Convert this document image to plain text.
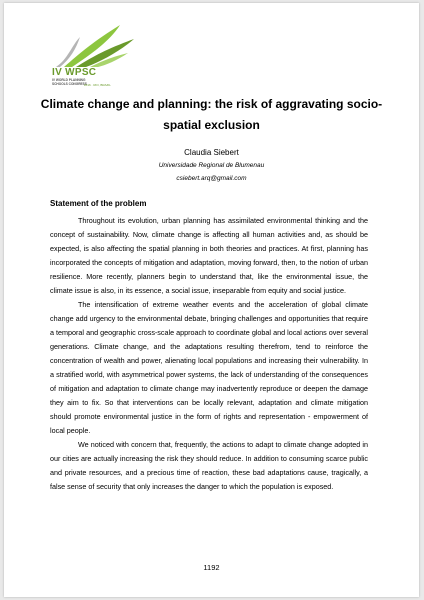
IV WPSC
IV WORLD PLANNING
SCHOOLS CONGRESS
2016 · RIO, BRAZIL
Climate change and planning: the risk of aggravating socio-spatial exclusion
Claudia Siebert
Universidade Regional de Blumenau
csiebert.arq@gmail.com
Statement of the problem

Throughout its evolution, urban planning has assimilated environmental thinking and the concept of sustainability. Now, climate change is affecting all human activities and, as should be expected, is also affecting the spatial planning in both theories and practices. At first, planning has incorporated the concepts of mitigation and adaptation, moving forward, then, to the notion of urban resilience. More recently, planners begin to understand that, like the environmental issue, the climate issue is also, in its essence, a social issue, inseparable from equity and social justice.

The intensification of extreme weather events and the acceleration of global climate change add urgency to the environmental debate, bringing challenges and opportunities that require a temporal and geographic cross-scale approach to coordinate global and local actions over several generations. Climate change, and the adaptations resulting therefrom, tend to reinforce the concentration of wealth and power, alienating local populations and increasing their vulnerability. In a stratified world, with asymmetrical power systems, the lack of understanding of the consequences of mitigation and adaptation to climate change may inadvertently reproduce or deepen the damage they aim to fix. So that interventions can be locally relevant, adaptation and climate mitigation should promote environmental justice in the form of rights and representation - empowerment of local people.

We noticed with concern that, frequently, the actions to adapt to climate change adopted in our cities are actually increasing the risk they should reduce. In addition to consuming scarce public and private resources, and a precious time of reaction, these bad adaptations cause, tragically, a false sense of security that only increases the danger to which the population is exposed.

1192
